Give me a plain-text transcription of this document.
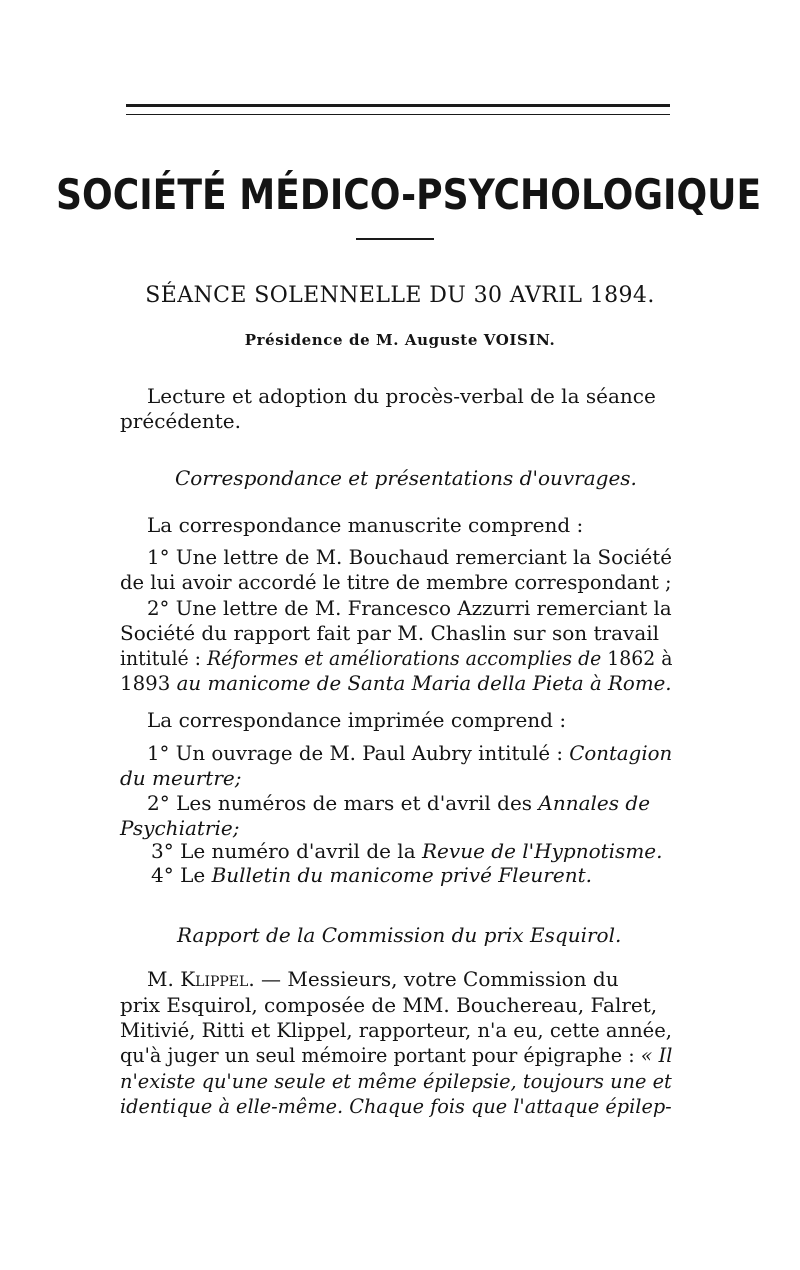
SOCIÉTÉ MÉDICO-PSYCHOLOGIQUE
SÉANCE SOLENNELLE DU 30 AVRIL 1894.
Présidence de M. Auguste VOISIN.
Lecture et adoption du procès-verbal de la séance
précédente.
Correspondance et présentations d'ouvrages.
La correspondance manuscrite comprend :
1° Une lettre de M. Bouchaud remerciant la Société
de lui avoir accordé le titre de membre correspondant ;
2° Une lettre de M. Francesco Azzurri remerciant la
Société du rapport fait par M. Chaslin sur son travail
intitulé : Réformes et améliorations accomplies de 1862 à
1893 au manicome de Santa Maria della Pieta à Rome.
La correspondance imprimée comprend :
1° Un ouvrage de M. Paul Aubry intitulé : Contagion
du meurtre;
2° Les numéros de mars et d'avril des Annales de
Psychiatrie;
3° Le numéro d'avril de la Revue de l'Hypnotisme.
4° Le Bulletin du manicome privé Fleurent.
Rapport de la Commission du prix Esquirol.
M. Klippel. — Messieurs, votre Commission du
prix Esquirol, composée de MM. Bouchereau, Falret,
Mitivié, Ritti et Klippel, rapporteur, n'a eu, cette année,
qu'à juger un seul mémoire portant pour épigraphe : « Il
n'existe qu'une seule et même épilepsie, toujours une et
identique à elle-même. Chaque fois que l'attaque épilep-
